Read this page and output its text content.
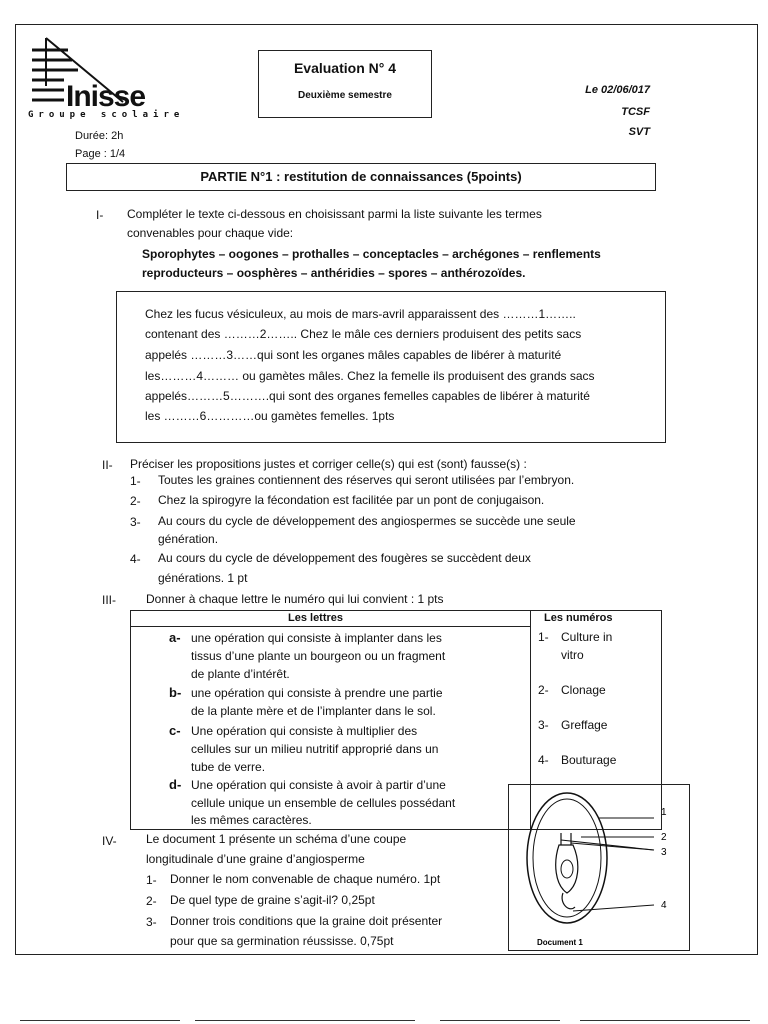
Inisse
Groupe scolaire
Evaluation N° 4
Deuxième semestre	Le 02/06/017
TCSF
SVT
Durée: 2h
Page : 1/4
PARTIE N°1 : restitution de connaissances (5points)
I- Compléter le texte ci-dessous en choisissant parmi la liste suivante les termes
convenables pour chaque vide:
Sporophytes – oogones – prothalles – conceptacles – archégones – renflements
reproducteurs – oosphères – anthéridies – spores – anthérozoïdes.

Chez les fucus vésiculeux, au mois de mars-avril apparaissent des ………1……..

contenant des ………2…….. Chez le mâle ces derniers produisent des petits sacs

appelés ………3……qui sont les organes mâles capables de libérer à maturité

les………4……… ou gamètes mâles. Chez la femelle ils produisent des grands sacs

appelés………5……….qui sont des organes femelles capables de libérer à maturité

les ………6…………ou gamètes femelles. 1pts

II- Préciser les propositions justes et corriger celle(s) qui est (sont) fausse(s) :
1- Toutes les graines contiennent des réserves qui seront utilisées par l’embryon.
2- Chez la spirogyre la fécondation est facilitée par un pont de conjugaison.
3- Au cours du cycle de développement des angiospermes se succède une seule
génération.
4- Au cours du cycle de développement des fougères se succèdent deux
générations. 1 pt
III-	Donner à chaque lettre le numéro qui lui convient : 1 pts
Les lettres	Les numéros
a- une opération qui consiste à implanter dans les
tissus d’une plante un bourgeon ou un fragment
de plante d’intérêt.
b- une opération qui consiste à prendre une partie
de la plante mère et de l’implanter dans le sol.
c- Une opération qui consiste à multiplier des
cellules sur un milieu nutritif approprié dans un
tube de verre.
d- Une opération qui consiste à avoir à partir d’une
cellule unique un ensemble de cellules possédant
les mêmes caractères.
1- Culture in
vitro
2- Clonage
3- Greffage
4- Bouturage
IV- Le document 1 présente un schéma d’une coupe
longitudinale d’une graine d’angiosperme
1- Donner le nom convenable de chaque numéro. 1pt
2- De quel type de graine s’agit-il? 0,25pt
3- Donner trois conditions que la graine doit présenter
pour que sa germination réussisse. 0,75pt
1
2
3
4
Document 1
